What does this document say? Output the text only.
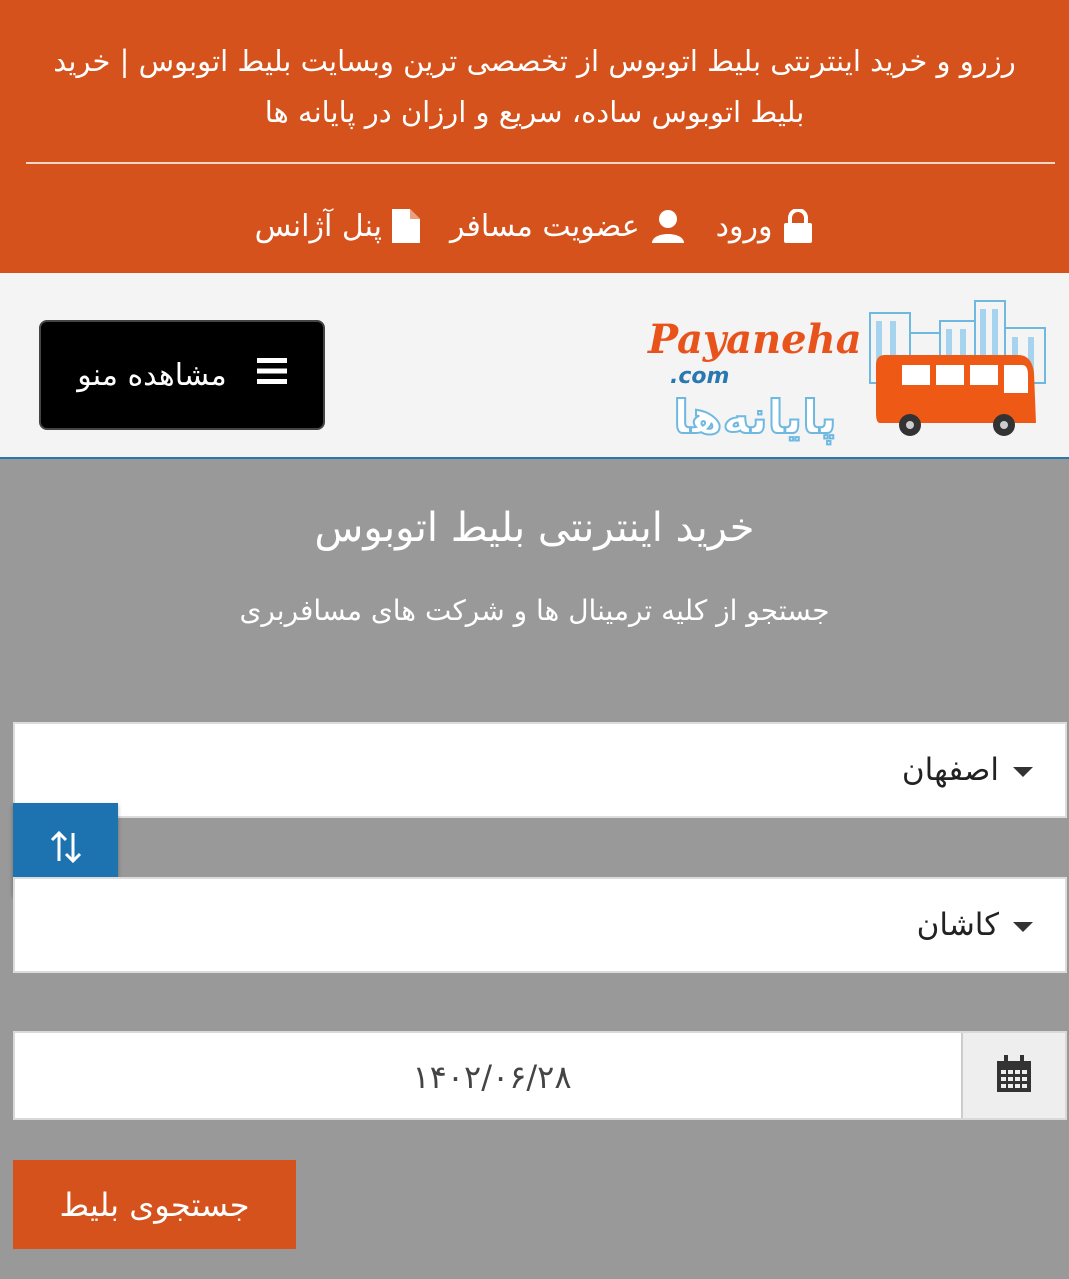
رزرو و خرید اینترنتی بلیط اتوبوس از تخصصی ترین وبسایت بلیط اتوبوس | خرید بلیط اتوبوس ساده، سریع و ارزان در پایانه ها
ورود
عضویت مسافر
پنل آژانس
مشاهده منو
Payaneha
.com
پایانه‌ها
خرید اینترنتی بلیط اتوبوس
جستجو از کلیه ترمینال ها و شرکت های مسافربری
اصفهان
کاشان
۱۴۰۲/۰۶/۲۸
جستجوی بلیط
